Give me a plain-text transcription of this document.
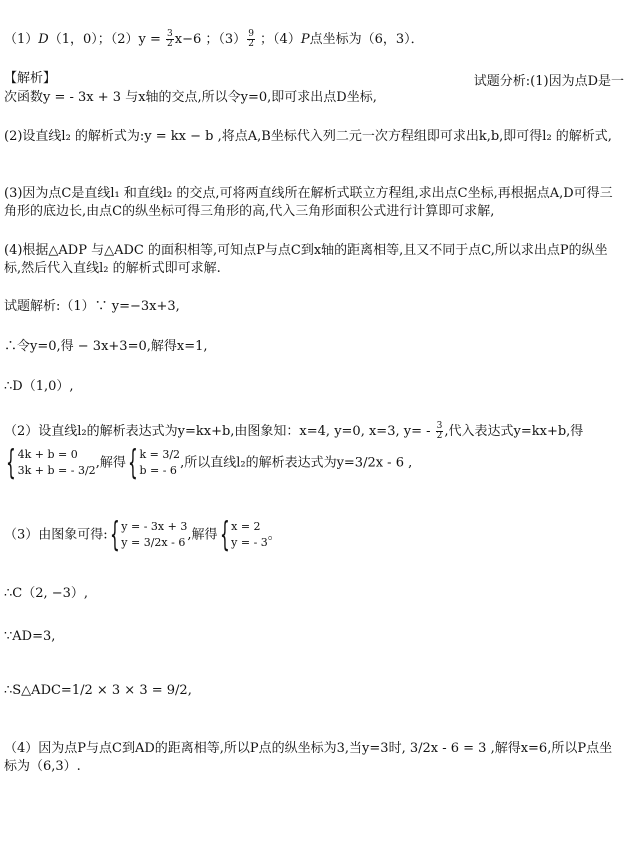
（1）D（1，0）；$(2)y = \frac{3}{2} x-6$ ；$(3) \frac{9}{2}$ ；（4）P点坐标为（6，3）．
【解析】	试题分析:(1)因为点D是一
次函数y = - 3x + 3 与x轴的交点,所以令y=0,即可求出点D坐标,
(2)设直线l₂ 的解析式为:y = kx − b ,将点A,B坐标代入列二元一次方程组即可求出k,b,即可得l₂ 的解析式,
(3)因为点C是直线l₁ 和直线l₂ 的交点,可将两直线所在解析式联立方程组,求出点C坐标,再根据点A,D可得三角形的底边长,由点C的纵坐标可得三角形的高,代入三角形面积公式进行计算即可求解,
(4)根据△ADP 与△ADC 的面积相等,可知点P与点C到x轴的距离相等,且又不同于点C,所以求出点P的纵坐标,然后代入直线l₂ 的解析式即可求解.
试题解析:（1）∵ y=−3x+3,
∴令y=0,得 − 3x+3=0,解得x=1,
∴D（1,0）,
（2）设直线l₂的解析表达式为y=kx+b,由图象知：x=4, y=0, x=3, $y= - \frac{3}{2}$ ,代入表达式y=kx+b,得
{ 4k + b = 0
3k + b = - 3/2 ,解得 { k = 3/2
b = - 6 ,所以直线l₂的解析表达式为y=3/2x - 6 ,
（3）由图象可得: { y = - 3x + 3
y = 3/2x - 6 ,解得 { x = 2
y = - 3 。
∴C（2, −3）,
∵AD=3,
∴S△ADC=1/2 × 3 × 3 = 9/2,
（4）因为点P与点C到AD的距离相等,所以P点的纵坐标为3,当y=3时, 3/2x - 6 = 3 ,解得x=6,所以P点坐标为（6,3）.
